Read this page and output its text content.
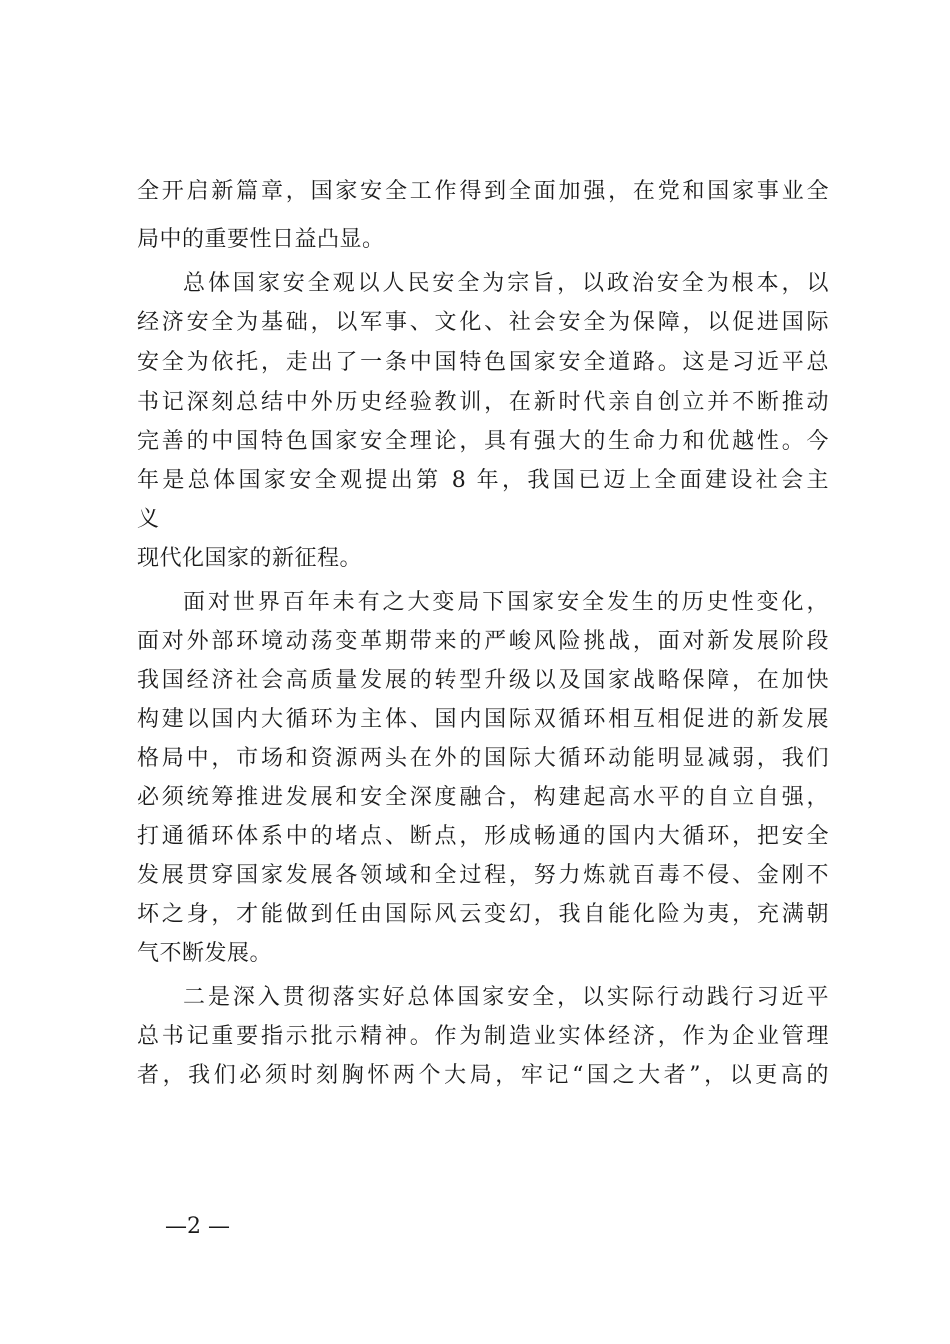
全开启新篇章，国家安全工作得到全面加强，在党和国家事业全
局中的重要性日益凸显。
总体国家安全观以人民安全为宗旨，以政治安全为根本，以
经济安全为基础，以军事、文化、社会安全为保障，以促进国际
安全为依托，走出了一条中国特色国家安全道路。这是习近平总
书记深刻总结中外历史经验教训，在新时代亲自创立并不断推动
完善的中国特色国家安全理论，具有强大的生命力和优越性。今
年是总体国家安全观提出第 8 年，我国已迈上全面建设社会主
义
现代化国家的新征程。
面对世界百年未有之大变局下国家安全发生的历史性变化，
面对外部环境动荡变革期带来的严峻风险挑战，面对新发展阶段
我国经济社会高质量发展的转型升级以及国家战略保障，在加快
构建以国内大循环为主体、国内国际双循环相互相促进的新发展
格局中，市场和资源两头在外的国际大循环动能明显减弱，我们
必须统筹推进发展和安全深度融合，构建起高水平的自立自强，
打通循环体系中的堵点、断点，形成畅通的国内大循环，把安全
发展贯穿国家发展各领域和全过程，努力炼就百毒不侵、金刚不
坏之身，才能做到任由国际风云变幻，我自能化险为夷，充满朝
气不断发展。
二是深入贯彻落实好总体国家安全，以实际行动践行习近平
总书记重要指示批示精神。作为制造业实体经济，作为企业管理
者，我们必须时刻胸怀两个大局，牢记“国之大者”，以更高的
—2 —
